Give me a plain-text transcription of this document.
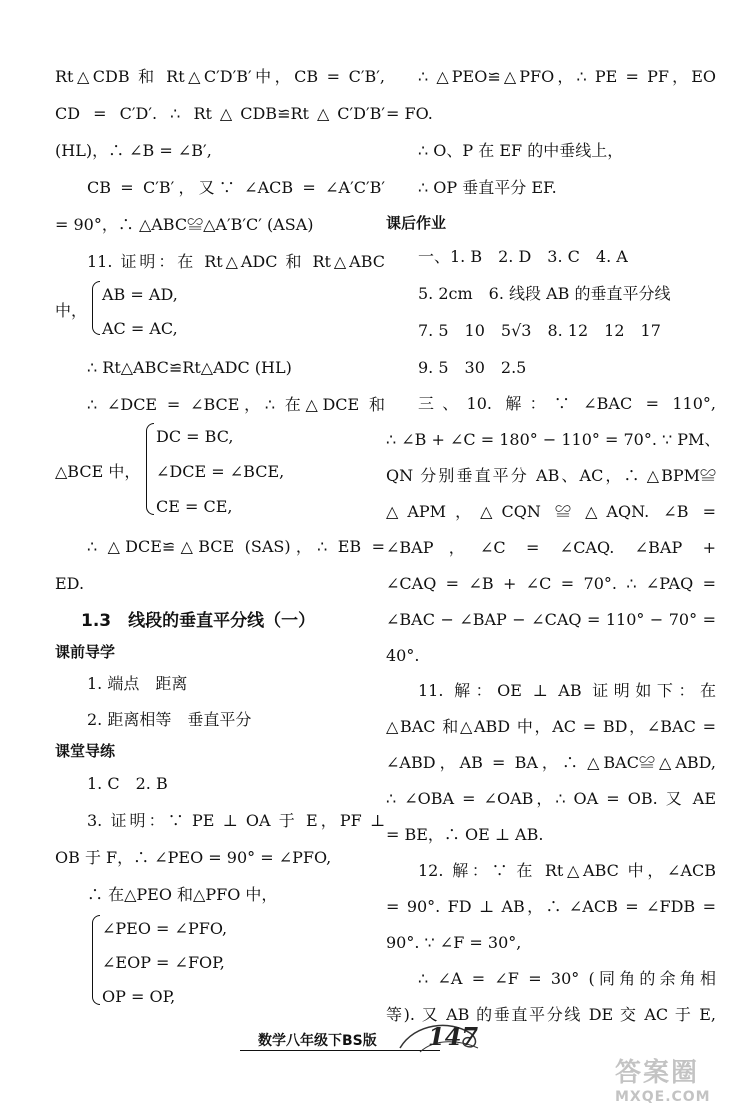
Rt△CDB 和 Rt△C′D′B′中，CB = C′B′,
CD = C′D′. ∴ Rt△CDB≌Rt△C′D′B′
(HL)，∴ ∠B = ∠B′,
CB = C′B′，又∵ ∠ACB = ∠A′C′B′
= 90°，∴ △ABC≌△A′B′C′ (ASA)
11. 证明：在 Rt△ADC 和 Rt△ABC
中，
AB = AD,
AC = AC,
∴ Rt△ABC≌Rt△ADC (HL)
∴ ∠DCE = ∠BCE，∴ 在△DCE 和
DC = BC,
△BCE 中， ∠DCE = ∠BCE,
CE = CE,
∴ △DCE≌△BCE (SAS)，∴ EB =
ED.
1.3　线段的垂直平分线（一）
课前导学
1. 端点　距离
2. 距离相等　垂直平分
课堂导练
1. C　2. B
3. 证明：∵ PE ⊥ OA 于 E，PF ⊥
OB 于 F，∴ ∠PEO = 90° = ∠PFO,
∴ 在△PEO 和△PFO 中，
∠PEO = ∠PFO,
∠EOP = ∠FOP,
OP = OP,
∴ △PEO≌△PFO，∴ PE = PF，EO
= FO.
∴ O、P 在 EF 的中垂线上，
∴ OP 垂直平分 EF.
课后作业
一、1. B　2. D　3. C　4. A
5. 2cm　6. 线段 AB 的垂直平分线
7. 5　10　5√3　8. 12　12　17
9. 5　30　2.5
三、10. 解：∵ ∠BAC = 110°,
∴ ∠B + ∠C = 180° − 110° = 70°. ∵ PM、
QN 分别垂直平分 AB、AC，∴ △BPM≌
△APM，△CQN ≌ △AQN. ∠B =
∠BAP，∠C = ∠CAQ. ∠BAP +
∠CAQ = ∠B + ∠C = 70°. ∴ ∠PAQ =
∠BAC − ∠BAP − ∠CAQ = 110° − 70° =
40°.
11. 解：OE ⊥ AB 证明如下：在
△BAC 和△ABD 中，AC = BD，∠BAC =
∠ABD，AB = BA，∴ △BAC≌△ABD,
∴ ∠OBA = ∠OAB，∴ OA = OB. 又 AE
= BE，∴ OE ⊥ AB.
12. 解：∵ 在 Rt△ABC 中，∠ACB
= 90°. FD ⊥ AB，∴ ∠ACB = ∠FDB =
90°. ∵ ∠F = 30°,
∴ ∠A = ∠F = 30° (同角的余角相
等). 又 AB 的垂直平分线 DE 交 AC 于 E,
数学八年级下BS版 147
答案圈
MXQE.COM
